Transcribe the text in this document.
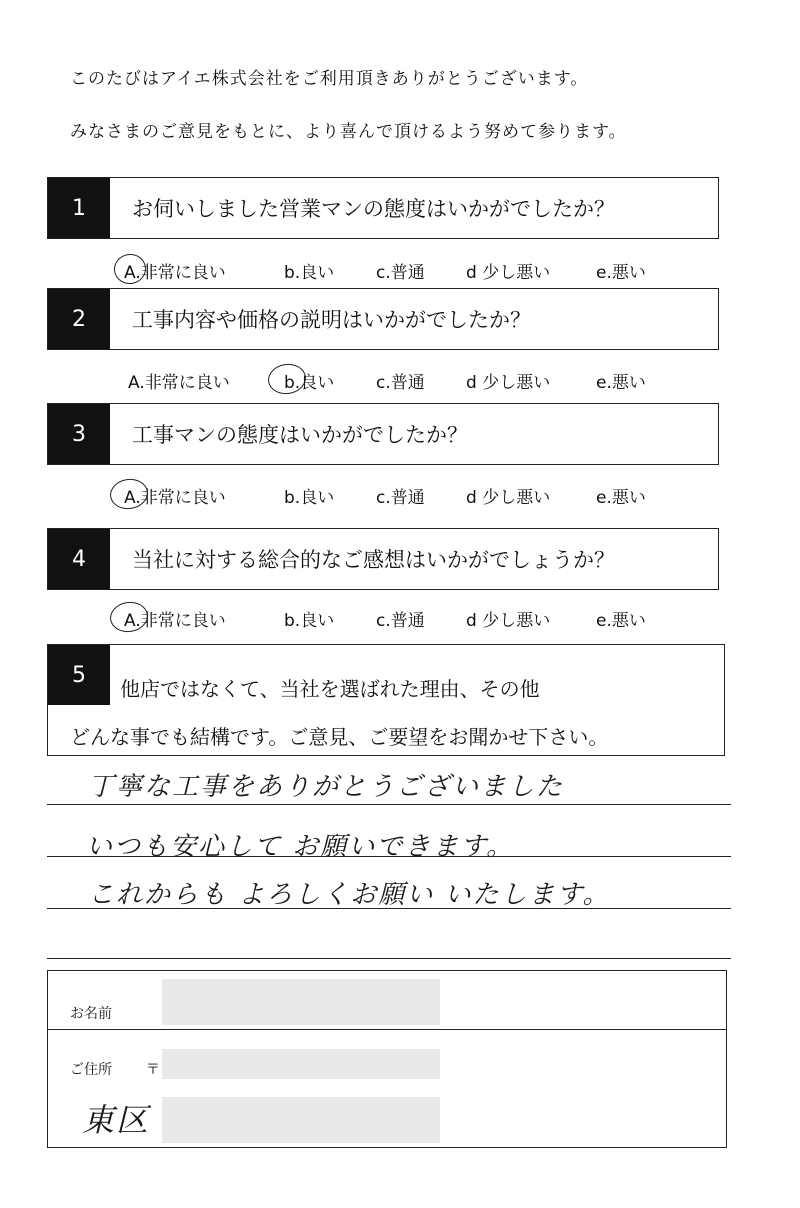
このたびはアイエ株式会社をご利用頂きありがとうございます。
みなさまのご意見をもとに、より喜んで頂けるよう努めて参ります。
1	お伺いしました営業マンの態度はいかがでしたか？
A.非常に良い	b.良い c.普通 d 少し悪い	e.悪い
2	工事内容や価格の説明はいかがでしたか？
A.非常に良い	b.良い c.普通 d 少し悪い	e.悪い
3	工事マンの態度はいかがでしたか？
A.非常に良い	b.良い c.普通 d 少し悪い	e.悪い
4	当社に対する総合的なご感想はいかがでしょうか？
A.非常に良い	b.良い c.普通 d 少し悪い	e.悪い
5
他店ではなくて、当社を選ばれた理由、その他
どんな事でも結構です。ご意見、ご要望をお聞かせ下さい。
丁寧な工事をありがとうございました
いつも安心して お願いできます。
これからも よろしくお願い いたします。
お名前
ご住所 〒
東区
